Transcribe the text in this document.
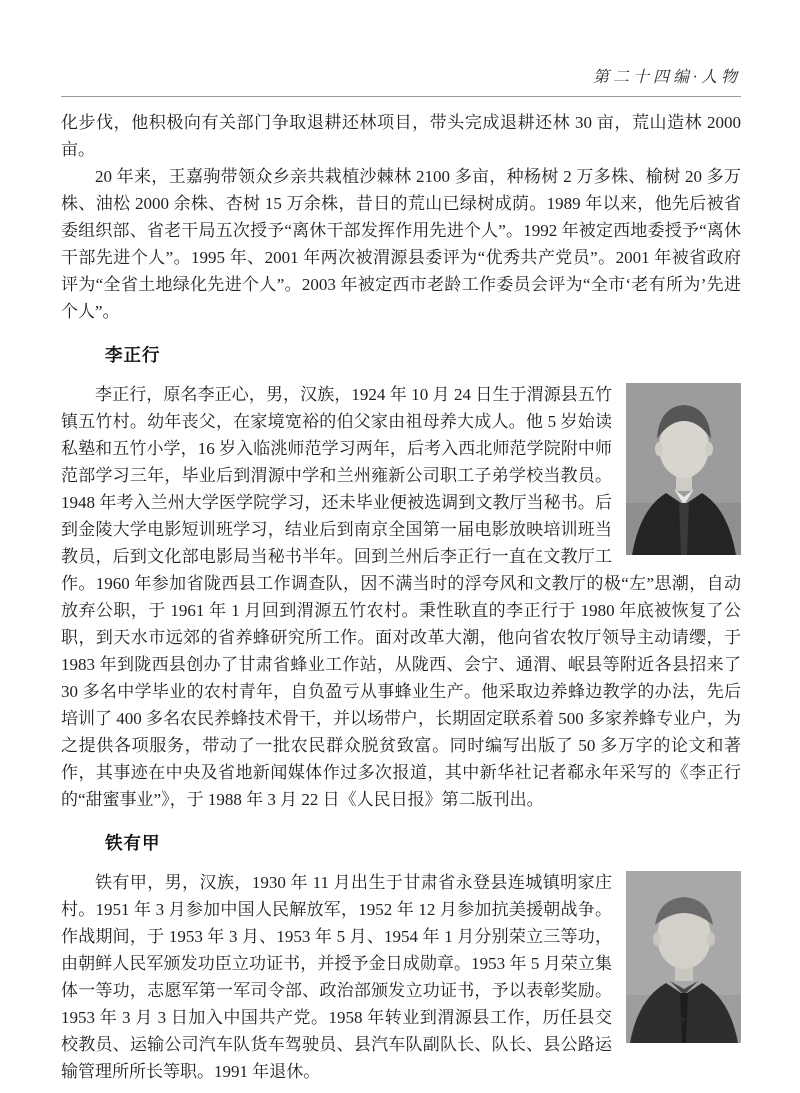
第二十四编·人物

化步伐，他积极向有关部门争取退耕还林项目，带头完成退耕还林 30 亩，荒山造林 2000 亩。

20 年来，王嘉驹带领众乡亲共栽植沙棘林 2100 多亩，种杨树 2 万多株、榆树 20 多万株、油松 2000 余株、杏树 15 万余株，昔日的荒山已绿树成荫。1989 年以来，他先后被省委组织部、省老干局五次授予“离休干部发挥作用先进个人”。1992 年被定西地委授予“离休干部先进个人”。1995 年、2001 年两次被渭源县委评为“优秀共产党员”。2001 年被省政府评为“全省土地绿化先进个人”。2003 年被定西市老龄工作委员会评为“全市‘老有所为’先进个人”。

李正行

李正行，原名李正心，男，汉族，1924 年 10 月 24 日生于渭源县五竹镇五竹村。幼年丧父，在家境宽裕的伯父家由祖母养大成人。他 5 岁始读私塾和五竹小学，16 岁入临洮师范学习两年，后考入西北师范学院附中师范部学习三年，毕业后到渭源中学和兰州雍新公司职工子弟学校当教员。1948 年考入兰州大学医学院学习，还未毕业便被选调到文教厅当秘书。后到金陵大学电影短训班学习，结业后到南京全国第一届电影放映培训班当教员，后到文化部电影局当秘书半年。回到兰州后李正行一直在文教厅工作。1960 年参加省陇西县工作调查队，因不满当时的浮夸风和文教厅的极“左”思潮，自动放弃公职，于 1961 年 1 月回到渭源五竹农村。秉性耿直的李正行于 1980 年底被恢复了公职，到天水市远郊的省养蜂研究所工作。面对改革大潮，他向省农牧厅领导主动请缨，于 1983 年到陇西县创办了甘肃省蜂业工作站，从陇西、会宁、通渭、岷县等附近各县招来了 30 多名中学毕业的农村青年，自负盈亏从事蜂业生产。他采取边养蜂边教学的办法，先后培训了 400 多名农民养蜂技术骨干，并以场带户，长期固定联系着 500 多家养蜂专业户，为之提供各项服务，带动了一批农民群众脱贫致富。同时编写出版了 50 多万字的论文和著作，其事迹在中央及省地新闻媒体作过多次报道，其中新华社记者郗永年采写的《李正行的“甜蜜事业”》，于 1988 年 3 月 22 日《人民日报》第二版刊出。

铁有甲

铁有甲，男，汉族，1930 年 11 月出生于甘肃省永登县连城镇明家庄村。1951 年 3 月参加中国人民解放军，1952 年 12 月参加抗美援朝战争。作战期间，于 1953 年 3 月、1953 年 5 月、1954 年 1 月分别荣立三等功，由朝鲜人民军颁发功臣立功证书，并授予金日成勋章。1953 年 5 月荣立集体一等功，志愿军第一军司令部、政治部颁发立功证书，予以表彰奖励。1953 年 3 月 3 日加入中国共产党。1958 年转业到渭源县工作，历任县交校教员、运输公司汽车队货车驾驶员、县汽车队副队长、队长、县公路运输管理所所长等职。1991 年退休。

– 697 –
